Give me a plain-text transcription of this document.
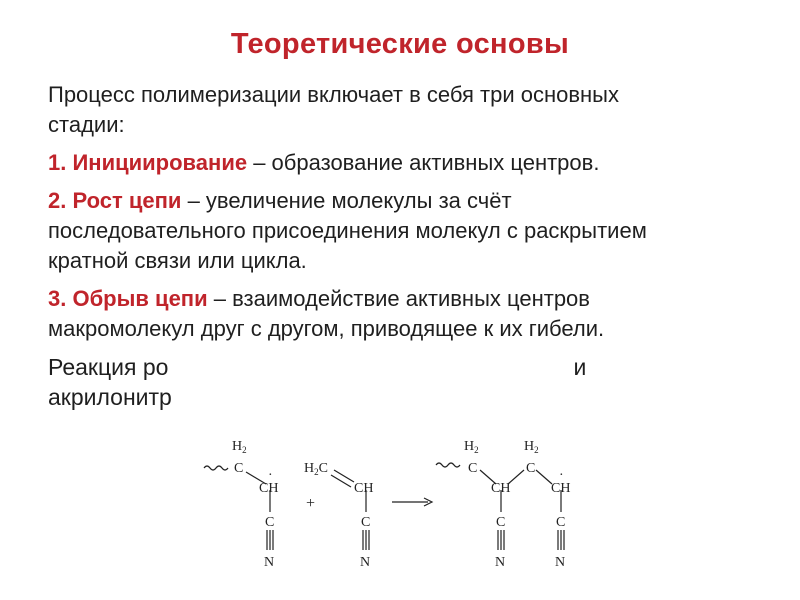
Теоретические основы

Процесс полимеризации включает в себя три основных стадии:

1. Инициирование – образование активных центров.

2. Рост цепи – увеличение молекулы за счёт последовательного присоединения молекул с раскрытием кратной связи или цикла.

3. Обрыв цепи – взаимодействие активных центров макромолекул друг с другом, приводящее к их гибели.

Реакция ро	и
акрилонитр

$H_2$
C
CH
·
C
N
+
$H_2C$
CH
C
N
$H_2$
C
CH
C
N
$H_2$
C
CH
·
C
N
